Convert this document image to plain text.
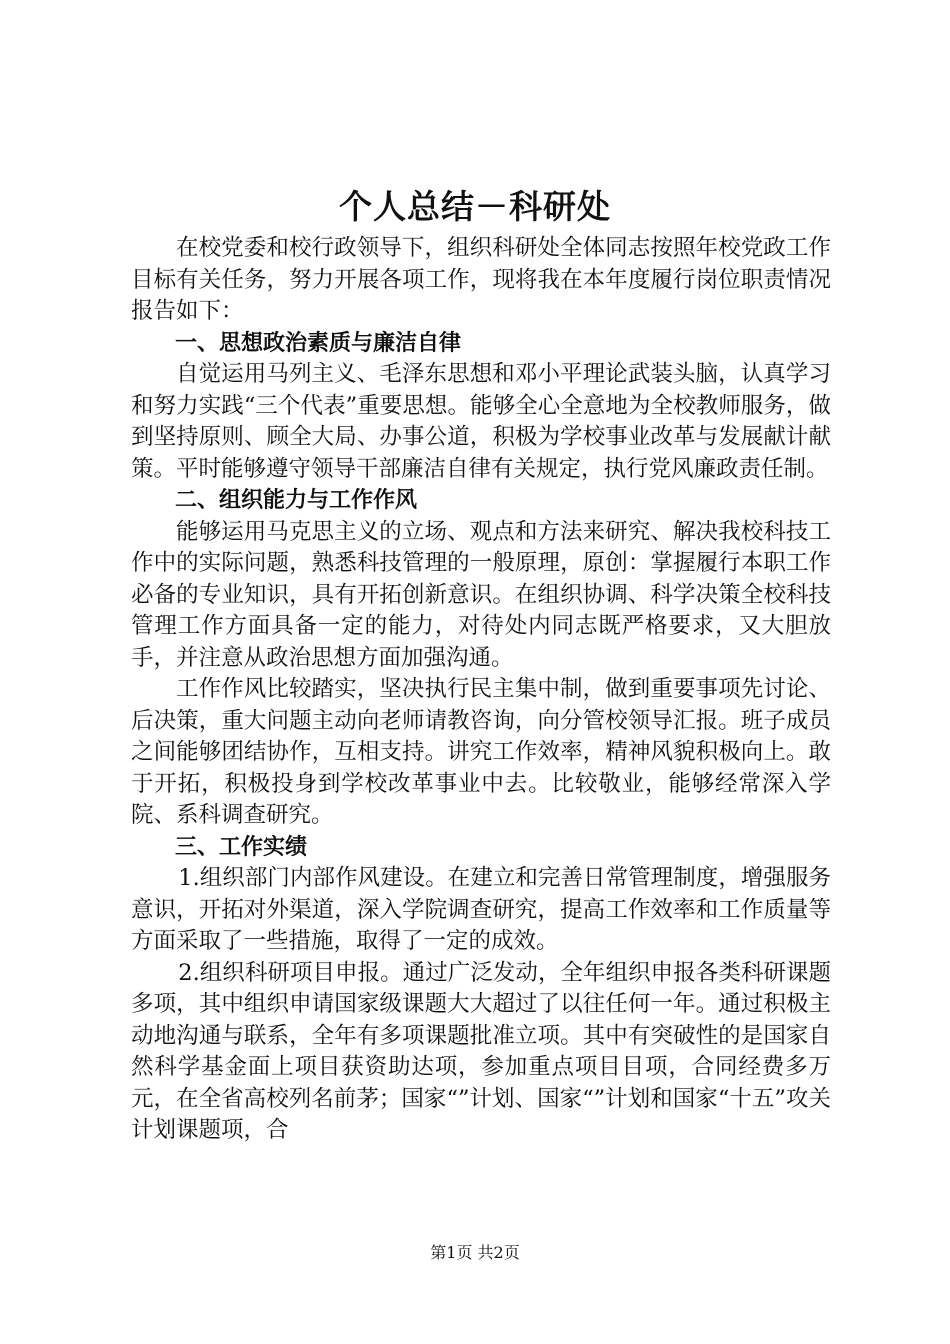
个人总结－科研处

在校党委和校行政领导下，组织科研处全体同志按照年校党政工作目标有关任务，努力开展各项工作，现将我在本年度履行岗位职责情况报告如下：

一、思想政治素质与廉洁自律

自觉运用马列主义、毛泽东思想和邓小平理论武装头脑，认真学习和努力实践“三个代表”重要思想。能够全心全意地为全校教师服务，做到坚持原则、顾全大局、办事公道，积极为学校事业改革与发展献计献策。平时能够遵守领导干部廉洁自律有关规定，执行党风廉政责任制。

二、组织能力与工作作风

能够运用马克思主义的立场、观点和方法来研究、解决我校科技工作中的实际问题，熟悉科技管理的一般原理，原创：掌握履行本职工作必备的专业知识，具有开拓创新意识。在组织协调、科学决策全校科技管理工作方面具备一定的能力，对待处内同志既严格要求，又大胆放手，并注意从政治思想方面加强沟通。

工作作风比较踏实，坚决执行民主集中制，做到重要事项先讨论、后决策，重大问题主动向老师请教咨询，向分管校领导汇报。班子成员之间能够团结协作，互相支持。讲究工作效率，精神风貌积极向上。敢于开拓，积极投身到学校改革事业中去。比较敬业，能够经常深入学院、系科调查研究。

三、工作实绩

1.组织部门内部作风建设。在建立和完善日常管理制度，增强服务意识，开拓对外渠道，深入学院调查研究，提高工作效率和工作质量等方面采取了一些措施，取得了一定的成效。

2.组织科研项目申报。通过广泛发动，全年组织申报各类科研课题多项，其中组织申请国家级课题大大超过了以往任何一年。通过积极主动地沟通与联系，全年有多项课题批准立项。其中有突破性的是国家自然科学基金面上项目获资助达项，参加重点项目目项，合同经费多万元，在全省高校列名前茅；国家“”计划、国家“”计划和国家“十五”攻关计划课题项，合

第1页 共2页
